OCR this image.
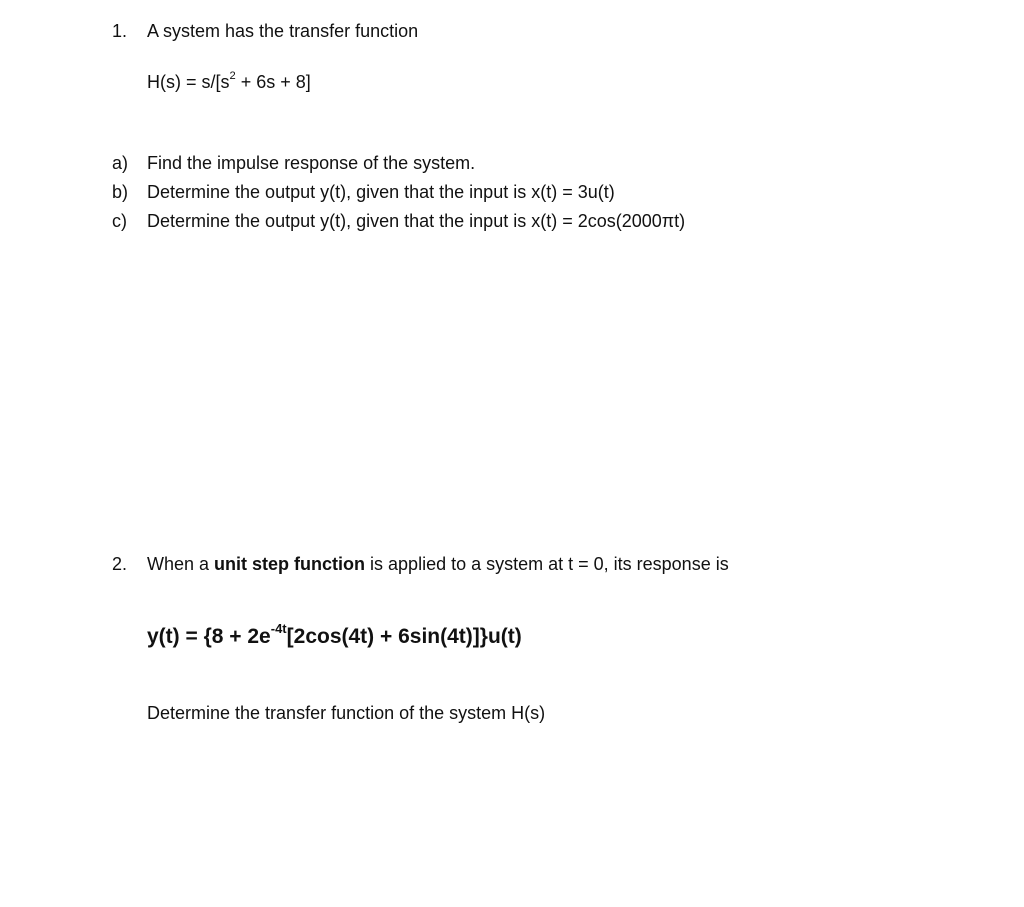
1. A system has the transfer function
$H(s) = s/[s^2 + 6s + 8]$
a) Find the impulse response of the system.
b) Determine the output y(t), given that the input is x(t) = 3u(t)
c) Determine the output y(t), given that the input is x(t) = 2cos(2000πt)
2. When a unit step function is applied to a system at t = 0, its response is
$y(t) = \{8 + 2e^{-4t}[2\cos(4t) + 6\sin(4t)]\}u(t)$
Determine the transfer function of the system H(s)
